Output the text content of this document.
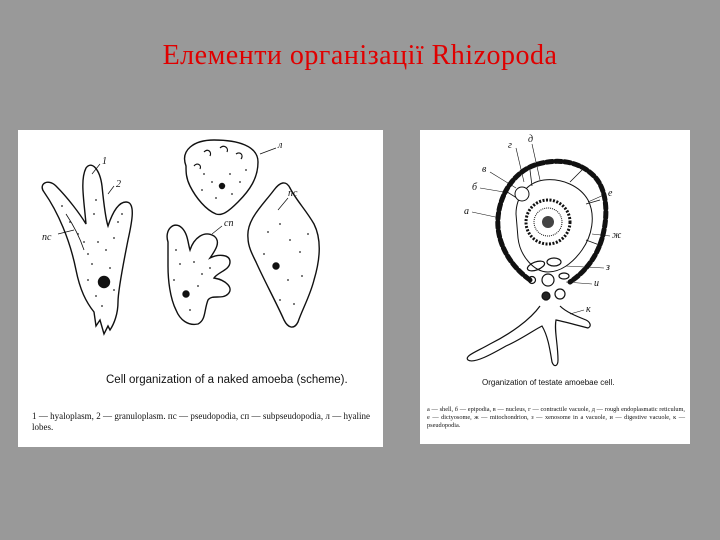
Елементи організації Rhizopoda
1
2
пс
пс
сп
л
Cell organization of a naked amoeba (scheme).
1 — hyaloplasm, 2 — granuloplasm. пс — pseudopodia, сп — subpseudopodia, л — hyaline lobes.
а
б
в
г
д
е
ж
з
и
к
Organization of testate amoebae cell.
а — shell, б — epipodia, в — nucleus, г — contractile vacuole, д — rough endoplasmatic reticulum, е — dictyosome, ж — mitochondrion, з — xenosome in a vacuole, и — digestive vacuole, к — pseudopodia.
